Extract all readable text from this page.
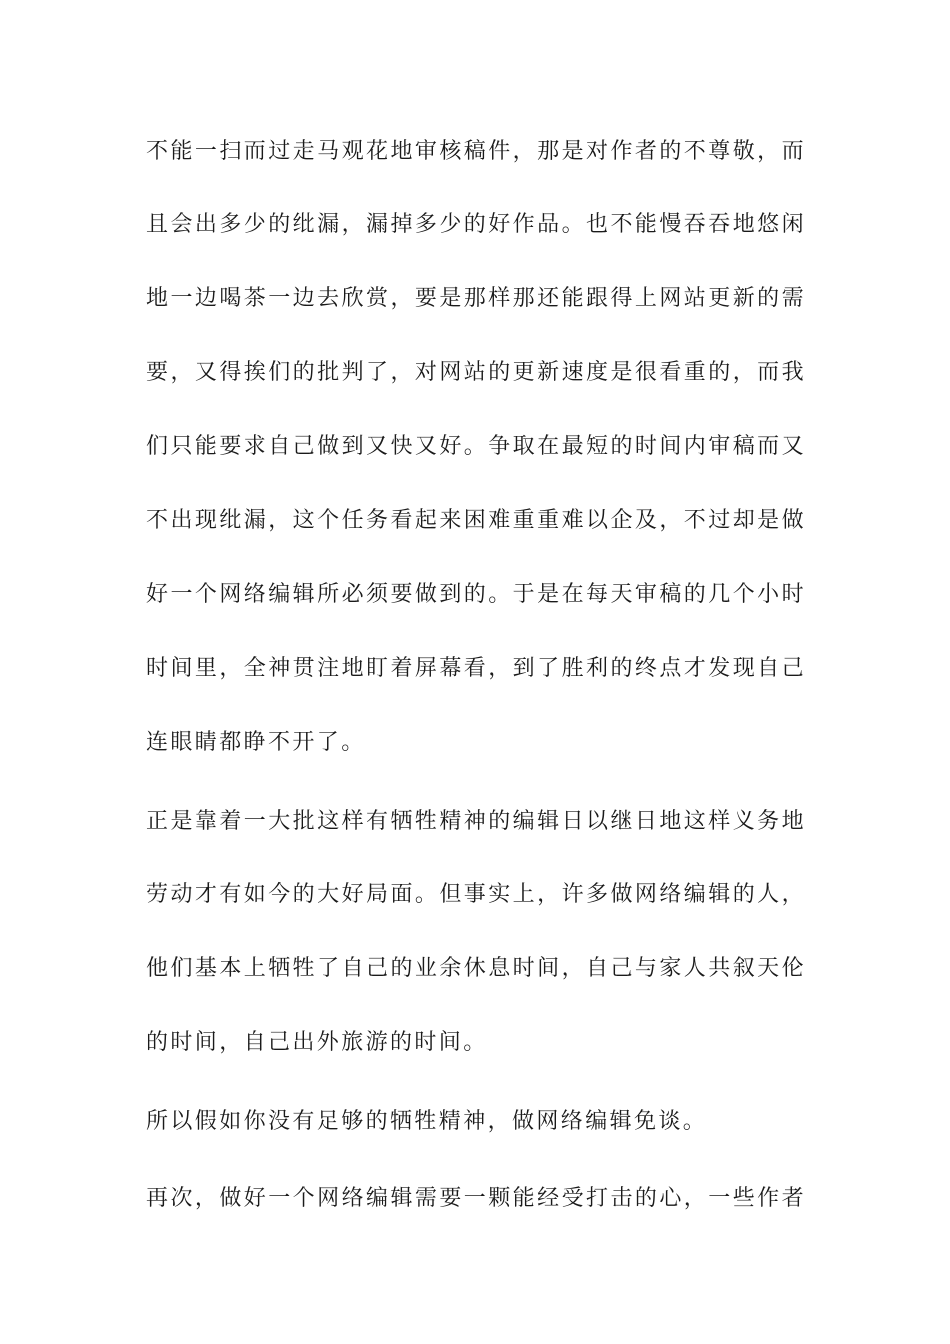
不能一扫而过走马观花地审核稿件，那是对作者的不尊敬，而
且会出多少的纰漏，漏掉多少的好作品。也不能慢吞吞地悠闲
地一边喝茶一边去欣赏，要是那样那还能跟得上网站更新的需
要，又得挨们的批判了，对网站的更新速度是很看重的，而我
们只能要求自己做到又快又好。争取在最短的时间内审稿而又
不出现纰漏，这个任务看起来困难重重难以企及，不过却是做
好一个网络编辑所必须要做到的。于是在每天审稿的几个小时
时间里，全神贯注地盯着屏幕看，到了胜利的终点才发现自己
连眼睛都睁不开了。
正是靠着一大批这样有牺牲精神的编辑日以继日地这样义务地
劳动才有如今的大好局面。但事实上，许多做网络编辑的人，
他们基本上牺牲了自己的业余休息时间，自己与家人共叙天伦
的时间，自己出外旅游的时间。
所以假如你没有足够的牺牲精神，做网络编辑免谈。
再次，做好一个网络编辑需要一颗能经受打击的心，一些作者
